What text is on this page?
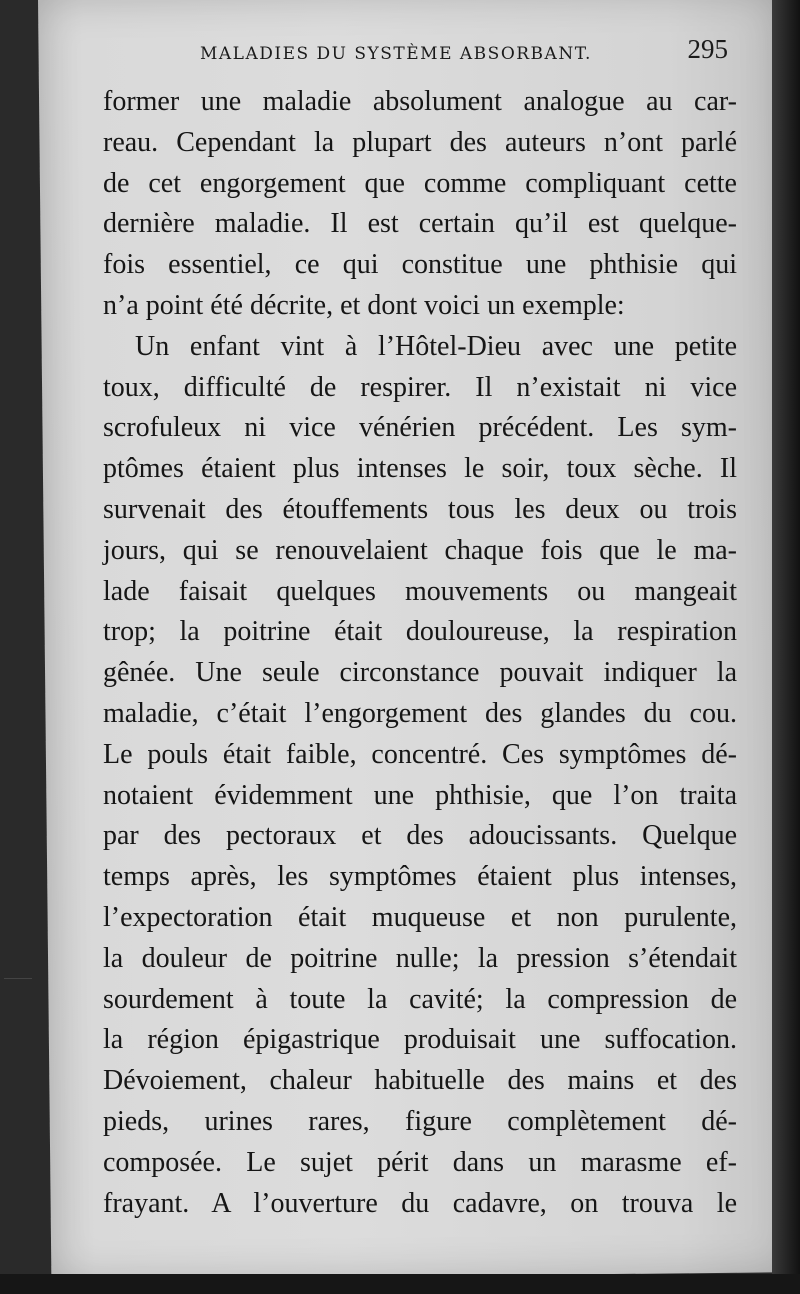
MALADIES DU SYSTÈME ABSORBANT.	295
former une maladie absolument analogue au car-
reau. Cependant la plupart des auteurs n’ont parlé
de cet engorgement que comme compliquant cette
dernière maladie. Il est certain qu’il est quelque-
fois essentiel, ce qui constitue une phthisie qui
n’a point été décrite, et dont voici un exemple:
Un enfant vint à l’Hôtel-Dieu avec une petite
toux, difficulté de respirer. Il n’existait ni vice
scrofuleux ni vice vénérien précédent. Les sym-
ptômes étaient plus intenses le soir, toux sèche. Il
survenait des étouffements tous les deux ou trois
jours, qui se renouvelaient chaque fois que le ma-
lade faisait quelques mouvements ou mangeait
trop; la poitrine était douloureuse, la respiration
gênée. Une seule circonstance pouvait indiquer la
maladie, c’était l’engorgement des glandes du cou.
Le pouls était faible, concentré. Ces symptômes dé-
notaient évidemment une phthisie, que l’on traita
par des pectoraux et des adoucissants. Quelque
temps après, les symptômes étaient plus intenses,
l’expectoration était muqueuse et non purulente,
la douleur de poitrine nulle; la pression s’étendait
sourdement à toute la cavité; la compression de
la région épigastrique produisait une suffocation.
Dévoiement, chaleur habituelle des mains et des
pieds, urines rares, figure complètement dé-
composée. Le sujet périt dans un marasme ef-
frayant. A l’ouverture du cadavre, on trouva le
